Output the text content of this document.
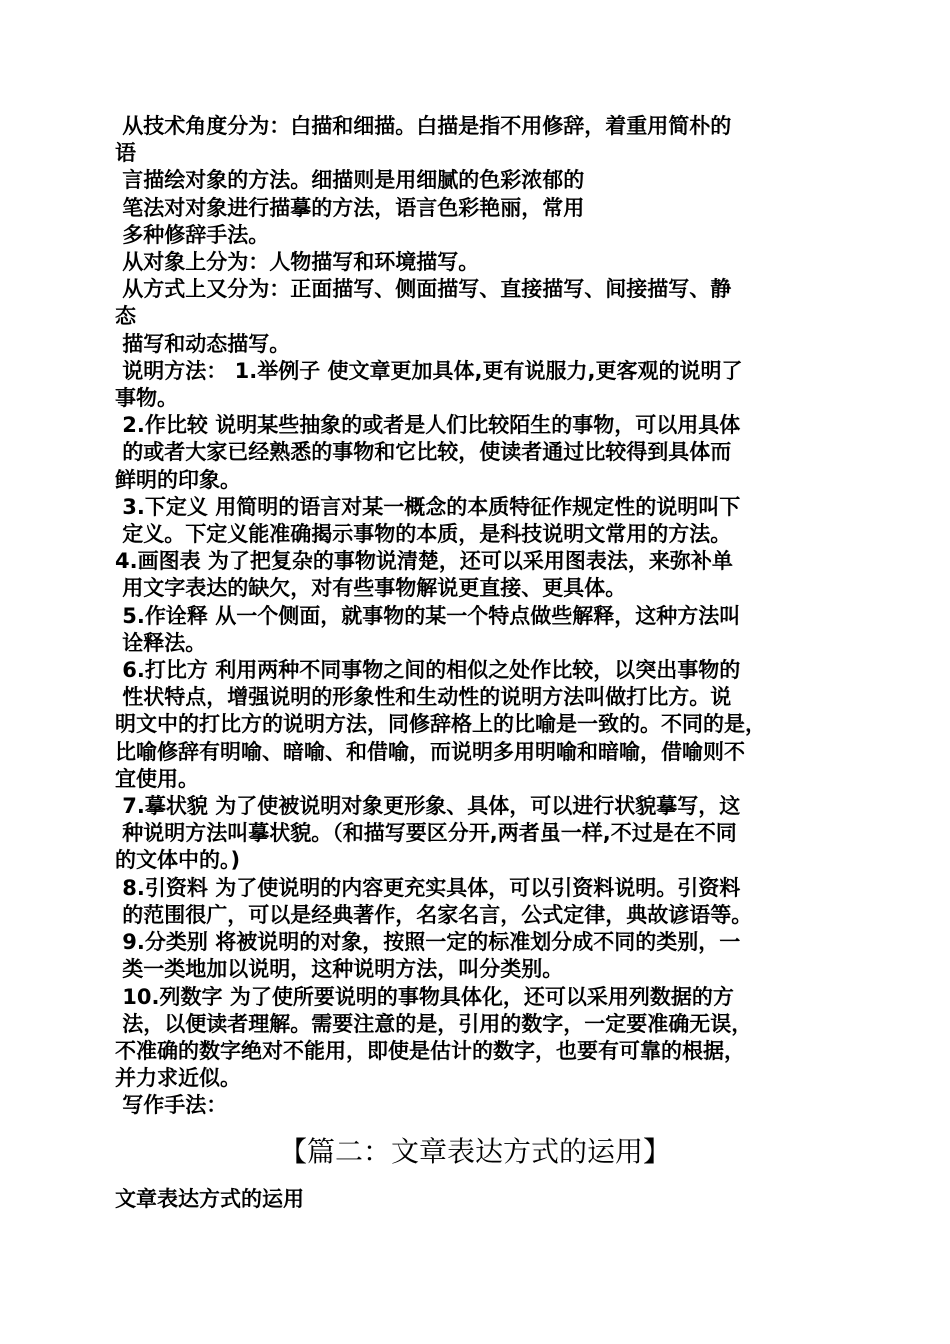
从技术角度分为：白描和细描。白描是指不用修辞，着重用简朴的
语
言描绘对象的方法。细描则是用细腻的色彩浓郁的
笔法对对象进行描摹的方法，语言色彩艳丽，常用
多种修辞手法。
从对象上分为：人物描写和环境描写。
从方式上又分为：正面描写、侧面描写、直接描写、间接描写、静
态
描写和动态描写。
说明方法： 1.举例子 使文章更加具体,更有说服力,更客观的说明了
事物。
2.作比较 说明某些抽象的或者是人们比较陌生的事物，可以用具体
的或者大家已经熟悉的事物和它比较，使读者通过比较得到具体而
鲜明的印象。
3.下定义 用简明的语言对某一概念的本质特征作规定性的说明叫下
定义。下定义能准确揭示事物的本质，是科技说明文常用的方法。
4.画图表 为了把复杂的事物说清楚，还可以采用图表法，来弥补单
用文字表达的缺欠，对有些事物解说更直接、更具体。
5.作诠释 从一个侧面，就事物的某一个特点做些解释，这种方法叫
诠释法。
6.打比方 利用两种不同事物之间的相似之处作比较，以突出事物的
性状特点，增强说明的形象性和生动性的说明方法叫做打比方。说
明文中的打比方的说明方法，同修辞格上的比喻是一致的。不同的是，
比喻修辞有明喻、暗喻、和借喻，而说明多用明喻和暗喻，借喻则不
宜使用。
7.摹状貌 为了使被说明对象更形象、具体，可以进行状貌摹写，这
种说明方法叫摹状貌。（和描写要区分开,两者虽一样,不过是在不同
的文体中的。)
8.引资料 为了使说明的内容更充实具体，可以引资料说明。引资料
的范围很广，可以是经典著作，名家名言，公式定律，典故谚语等。
9.分类别 将被说明的对象，按照一定的标准划分成不同的类别，一
类一类地加以说明，这种说明方法，叫分类别。
10.列数字 为了使所要说明的事物具体化，还可以采用列数据的方
法，以便读者理解。需要注意的是，引用的数字，一定要准确无误，
不准确的数字绝对不能用，即使是估计的数字，也要有可靠的根据，
并力求近似。
写作手法：
【篇二：文章表达方式的运用】
文章表达方式的运用
